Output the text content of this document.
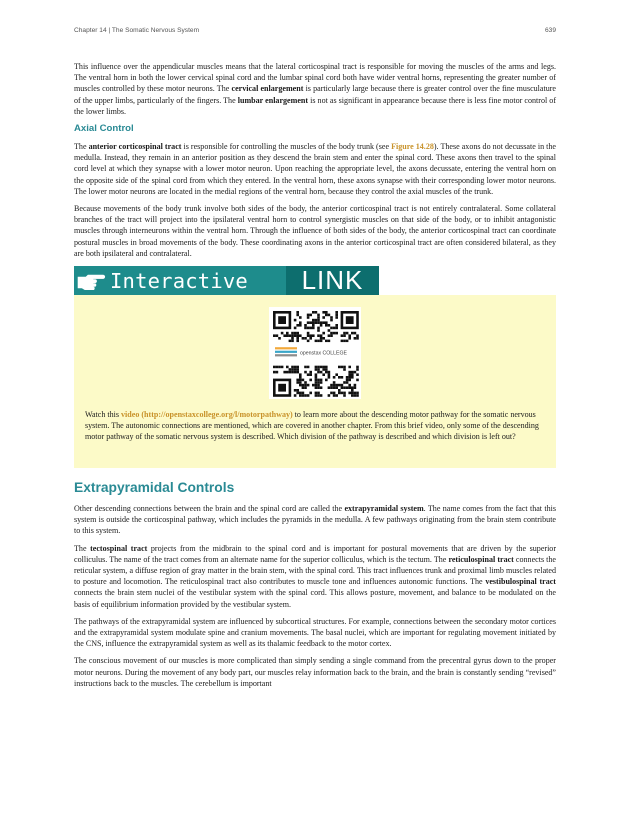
Chapter 14 | The Somatic Nervous System	639

This influence over the appendicular muscles means that the lateral corticospinal tract is responsible for moving the muscles of the arms and legs. The ventral horn in both the lower cervical spinal cord and the lumbar spinal cord both have wider ventral horns, representing the greater number of muscles controlled by these motor neurons. The cervical enlargement is particularly large because there is greater control over the fine musculature of the upper limbs, particularly of the fingers. The lumbar enlargement is not as significant in appearance because there is less fine motor control of the lower limbs.

Axial Control

The anterior corticospinal tract is responsible for controlling the muscles of the body trunk (see Figure 14.28). These axons do not decussate in the medulla. Instead, they remain in an anterior position as they descend the brain stem and enter the spinal cord. These axons then travel to the spinal cord level at which they synapse with a lower motor neuron. Upon reaching the appropriate level, the axons decussate, entering the ventral horn on the opposite side of the spinal cord from which they entered. In the ventral horn, these axons synapse with their corresponding lower motor neurons. The lower motor neurons are located in the medial regions of the ventral horn, because they control the axial muscles of the trunk.

Because movements of the body trunk involve both sides of the body, the anterior corticospinal tract is not entirely contralateral. Some collateral branches of the tract will project into the ipsilateral ventral horn to control synergistic muscles on that side of the body, or to inhibit antagonistic muscles through interneurons within the ventral horn. Through the influence of both sides of the body, the anterior corticospinal tract can coordinate postural muscles in broad movements of the body. These coordinating axons in the anterior corticospinal tract are often considered bilateral, as they are both ipsilateral and contralateral.

Interactive	LINK
openstax COLLEGE
Watch this video (http://openstaxcollege.org/l/motorpathway) to learn more about the descending motor pathway for the somatic nervous system. The autonomic connections are mentioned, which are covered in another chapter. From this brief video, only some of the descending motor pathway of the somatic nervous system is described. Which division of the pathway is described and which division is left out?
Extrapyramidal Controls

Other descending connections between the brain and the spinal cord are called the extrapyramidal system. The name comes from the fact that this system is outside the corticospinal pathway, which includes the pyramids in the medulla. A few pathways originating from the brain stem contribute to this system.

The tectospinal tract projects from the midbrain to the spinal cord and is important for postural movements that are driven by the superior colliculus. The name of the tract comes from an alternate name for the superior colliculus, which is the tectum. The reticulospinal tract connects the reticular system, a diffuse region of gray matter in the brain stem, with the spinal cord. This tract influences trunk and proximal limb muscles related to posture and locomotion. The reticulospinal tract also contributes to muscle tone and influences autonomic functions. The vestibulospinal tract connects the brain stem nuclei of the vestibular system with the spinal cord. This allows posture, movement, and balance to be modulated on the basis of equilibrium information provided by the vestibular system.

The pathways of the extrapyramidal system are influenced by subcortical structures. For example, connections between the secondary motor cortices and the extrapyramidal system modulate spine and cranium movements. The basal nuclei, which are important for regulating movement initiated by the CNS, influence the extrapyramidal system as well as its thalamic feedback to the motor cortex.

The conscious movement of our muscles is more complicated than simply sending a single command from the precentral gyrus down to the proper motor neurons. During the movement of any body part, our muscles relay information back to the brain, and the brain is constantly sending “revised” instructions back to the muscles. The cerebellum is important
